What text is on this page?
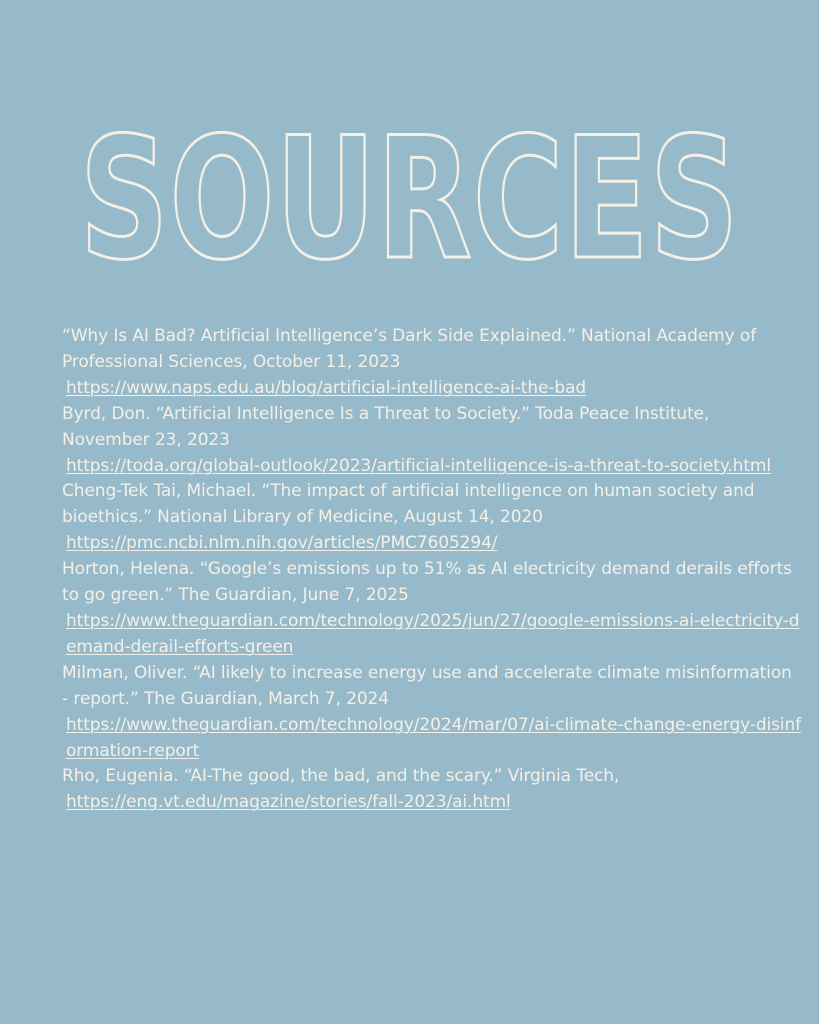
SOURCES
“Why Is AI Bad? Artificial Intelligence’s Dark Side Explained.” National Academy of Professional Sciences, October 11, 2023
https://www.naps.edu.au/blog/artificial-intelligence-ai-the-bad
Byrd, Don. “Artificial Intelligence Is a Threat to Society.” Toda Peace Institute, November 23, 2023
https://toda.org/global-outlook/2023/artificial-intelligence-is-a-threat-to-society.html
Cheng-Tek Tai, Michael. “The impact of artificial intelligence on human society and bioethics.” National Library of Medicine, August 14, 2020
https://pmc.ncbi.nlm.nih.gov/articles/PMC7605294/
Horton, Helena. “Google’s emissions up to 51% as AI electricity demand derails efforts to go green.” The Guardian, June 7, 2025
https://www.theguardian.com/technology/2025/jun/27/google-emissions-ai-electricity-demand-derail-efforts-green
Milman, Oliver. “AI likely to increase energy use and accelerate climate misinformation - report.” The Guardian, March 7, 2024
https://www.theguardian.com/technology/2024/mar/07/ai-climate-change-energy-disinformation-report
Rho, Eugenia. “AI-The good, the bad, and the scary.” Virginia Tech,
https://eng.vt.edu/magazine/stories/fall-2023/ai.html
